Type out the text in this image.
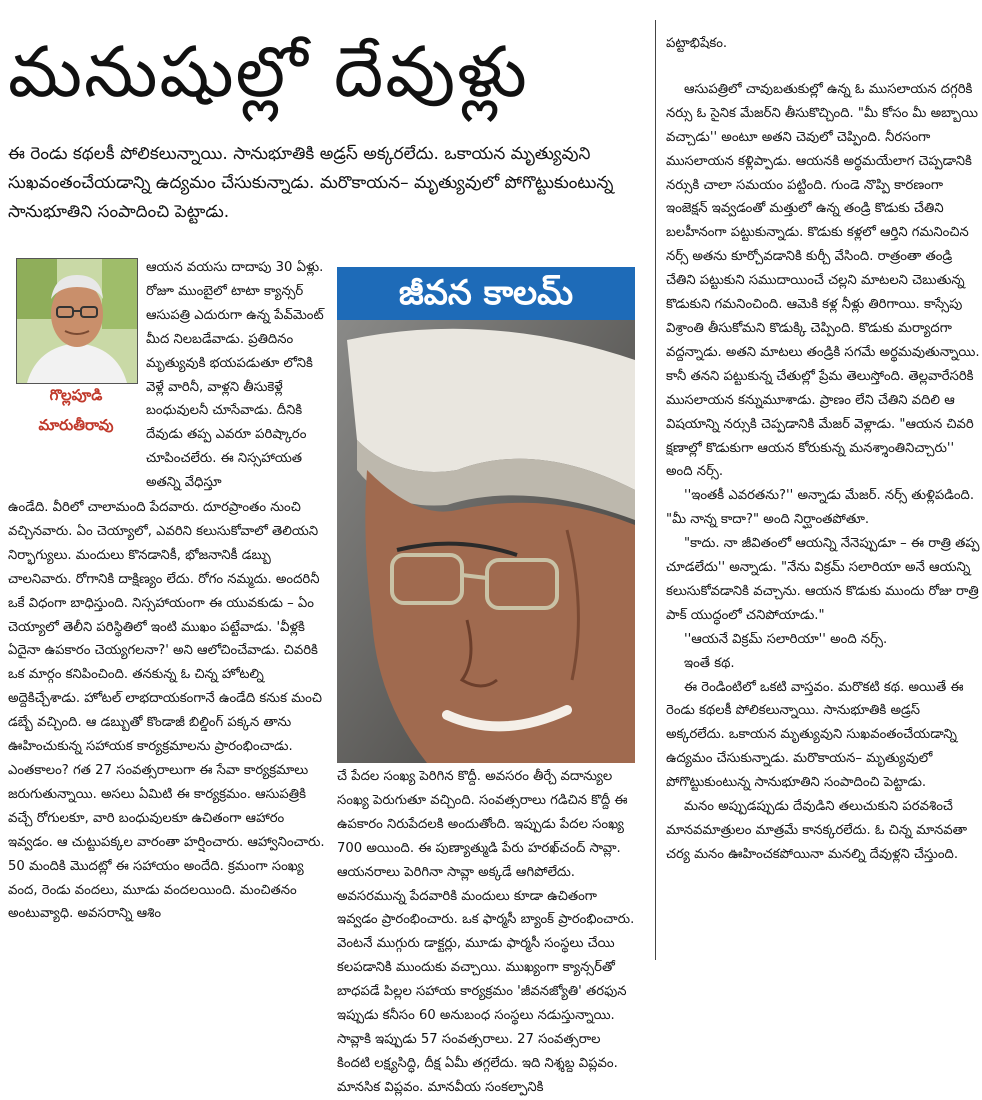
మనుషుల్లో దేవుళ్లు
ఈ రెండు కథలకీ పోలికలున్నాయి. సానుభూతికి అడ్రస్ అక్కరలేదు. ఒకాయన మృత్యువుని సుఖవంతంచేయడాన్ని ఉద్యమం చేసుకున్నాడు. మరొకాయన– మృత్యువులో పోగొట్టుకుంటున్న సానుభూతిని సంపాదించి పెట్టాడు.
గొల్లపూడి
మారుతీరావు
ఆయన వయసు దాదాపు 30 ఏళ్లు. రోజూ ముంబైలో టాటా క్యాన్సర్ ఆసుపత్రి ఎదురుగా ఉన్న పేవ్‌మెంట్ మీద నిలబడేవాడు. ప్రతిదినం మృత్యువుకి భయపడుతూ లోనికి వెళ్లే వారినీ, వాళ్లని తీసుకెళ్లే బంధువులనీ చూసేవాడు. దీనికి దేవుడు తప్ప ఎవరూ పరిష్కారం చూపించలేరు. ఈ నిస్సహాయత అతన్ని వేధిస్తూ
ఉండేది. వీరిలో చాలామంది పేదవారు. దూరప్రాంతం నుంచి వచ్చినవారు. ఏం చెయ్యాలో, ఎవరిని కలుసుకోవాలో తెలియని నిర్భాగ్యులు. మందులు కొనడానికీ, భోజనానికీ డబ్బు చాలనివారు. రోగానికి దాక్షిణ్యం లేదు. రోగం నమ్మదు. అందరినీ ఒకే విధంగా బాధిస్తుంది. నిస్సహాయంగా ఈ యువకుడు – ఏం చెయ్యాలో తెలీని పరిస్థితిలో ఇంటి ముఖం పట్టేవాడు. 'వీళ్లకి ఏదైనా ఉపకారం చెయ్యగలనా?' అని ఆలోచించేవాడు. చివరికి ఒక మార్గం కనిపించింది. తనకున్న ఓ చిన్న హోటల్ని అద్దెకిచ్చేశాడు. హోటల్ లాభదాయకంగానే ఉండేది కనుక మంచి డబ్బే వచ్చింది. ఆ డబ్బుతో కొండాజీ బిల్డింగ్ పక్కన తాను ఊహించుకున్న సహాయక కార్యక్రమాలను ప్రారంభించాడు. ఎంతకాలం? గత 27 సంవత్సరాలుగా ఈ సేవా కార్యక్రమాలు జరుగుతున్నాయి. అసలు ఏమిటి ఈ కార్యక్రమం. ఆసుపత్రికి వచ్చే రోగులకూ, వారి బంధువులకూ ఉచితంగా ఆహారం ఇవ్వడం. ఆ చుట్టుపక్కల వారంతా హర్షించారు. ఆహ్వానించారు. 50 మందికి మొదట్లో ఈ సహాయం అందేది. క్రమంగా సంఖ్య వంద, రెండు వందలు, మూడు వందలయింది. మంచితనం అంటువ్యాధి. అవసరాన్ని ఆశిం
జీవన కాలమ్
చే పేదల సంఖ్య పెరిగిన కొద్దీ. అవసరం తీర్చే వదాన్యుల సంఖ్య పెరుగుతూ వచ్చింది. సంవత్సరాలు గడిచిన కొద్దీ ఈ ఉపకారం నిరుపేదలకి అందుతోంది. ఇప్పుడు పేదల సంఖ్య 700 అయింది. ఈ పుణ్యాత్ముడి పేరు హరఖ్‌చంద్ సావ్లా. ఆయనరాలు పెరిగినా సావ్లా అక్కడే ఆగిపోలేదు. అవసరమున్న పేదవారికి మందులు కూడా ఉచితంగా ఇవ్వడం ప్రారంభించారు. ఒక ఫార్మసీ బ్యాంక్ ప్రారంభించారు. వెంటనే ముగ్గురు డాక్టర్లు, మూడు ఫార్మసీ సంస్థలు చేయి కలపడానికి ముందుకు వచ్చాయి. ముఖ్యంగా క్యాన్సర్‌తో బాధపడే పిల్లల సహాయ కార్యక్రమం 'జీవనజ్యోతి' తరఫున ఇప్పుడు కనీసం 60 అనుబంధ సంస్థలు నడుస్తున్నాయి. సావ్లాకి ఇప్పుడు 57 సంవత్సరాలు. 27 సంవత్సరాల కిందటి లక్ష్యసిద్ధి, దీక్ష ఏమీ తగ్గలేదు. ఇది నిశ్శబ్ద విప్లవం. మానసిక విప్లవం. మానవీయ సంకల్పానికి

పట్టాభిషేకం.

ఆసుపత్రిలో చావుబతుకుల్లో ఉన్న ఓ ముసలాయన దగ్గరికి నర్సు ఓ సైనిక మేజర్‌ని తీసుకొచ్చింది. "మీ కోసం మీ అబ్బాయి వచ్చాడు'' అంటూ అతని చెవులో చెప్పింది. నీరసంగా ముసలాయన కళ్లిప్పాడు. ఆయనకి అర్థమయేలాగ చెప్పడానికి నర్సుకి చాలా సమయం పట్టింది. గుండె నొప్పి కారణంగా ఇంజెక్షన్ ఇవ్వడంతో మత్తులో ఉన్న తండ్రి కొడుకు చేతిని బలహీనంగా పట్టుకున్నాడు. కొడుకు కళ్లలో ఆర్తిని గమనించిన నర్స్ అతను కూర్చోవడానికి కుర్చీ వేసింది. రాత్రంతా తండ్రి చేతిని పట్టుకుని సముదాయించే చల్లని మాటలని చెబుతున్న కొడుకుని గమనించింది. ఆమెకి కళ్ల నీళ్లు తిరిగాయి. కాస్సేపు విశ్రాంతి తీసుకోమని కొడుక్కి చెప్పింది. కొడుకు మర్యాదగా వద్దన్నాడు. అతని మాటలు తండ్రికి సగమే అర్థమవుతున్నాయి. కానీ తనని పట్టుకున్న చేతుల్లో ప్రేమ తెలుస్తోంది. తెల్లవారేసరికి ముసలాయన కన్నుమూశాడు. ప్రాణం లేని చేతిని వదిలి ఆ విషయాన్ని నర్సుకి చెప్పడానికి మేజర్ వెళ్లాడు. "ఆయన చివరి క్షణాల్లో కొడుకుగా ఆయన కోరుకున్న మనశ్శాంతినిచ్చారు'' అంది నర్స్.

''ఇంతకీ ఎవరతను?'' అన్నాడు మేజర్. నర్స్ తుళ్లిపడింది. "మీ నాన్న కాదా?" అంది నిర్ఘాంతపోతూ.

"కాదు. నా జీవితంలో ఆయన్ని నేనెప్పుడూ – ఈ రాత్రి తప్ప చూడలేదు'' అన్నాడు. "నేను విక్రమ్ సలారియా అనే ఆయన్ని కలుసుకోవడానికి వచ్చాను. ఆయన కొడుకు ముందు రోజు రాత్రి పాక్ యుద్ధంలో చనిపోయాడు."

''ఆయనే విక్రమ్ సలారియా'' అంది నర్స్.

ఇంతే కథ.

ఈ రెండింటిలో ఒకటి వాస్తవం. మరొకటి కథ. అయితే ఈ రెండు కథలకీ పోలికలున్నాయి. సానుభూతికి అడ్రస్ అక్కరలేదు. ఒకాయన మృత్యువుని సుఖవంతంచేయడాన్ని ఉద్యమం చేసుకున్నాడు. మరొకాయన– మృత్యువులో పోగొట్టుకుంటున్న సానుభూతిని సంపాదించి పెట్టాడు.

మనం అప్పుడప్పుడు దేవుడిని తలుచుకుని పరవశించే మానవమాత్రులం మాత్రమే కానక్కరలేదు. ఓ చిన్న మానవతా చర్య మనం ఊహించకపోయినా మనల్ని దేవుళ్లని చేస్తుంది.
